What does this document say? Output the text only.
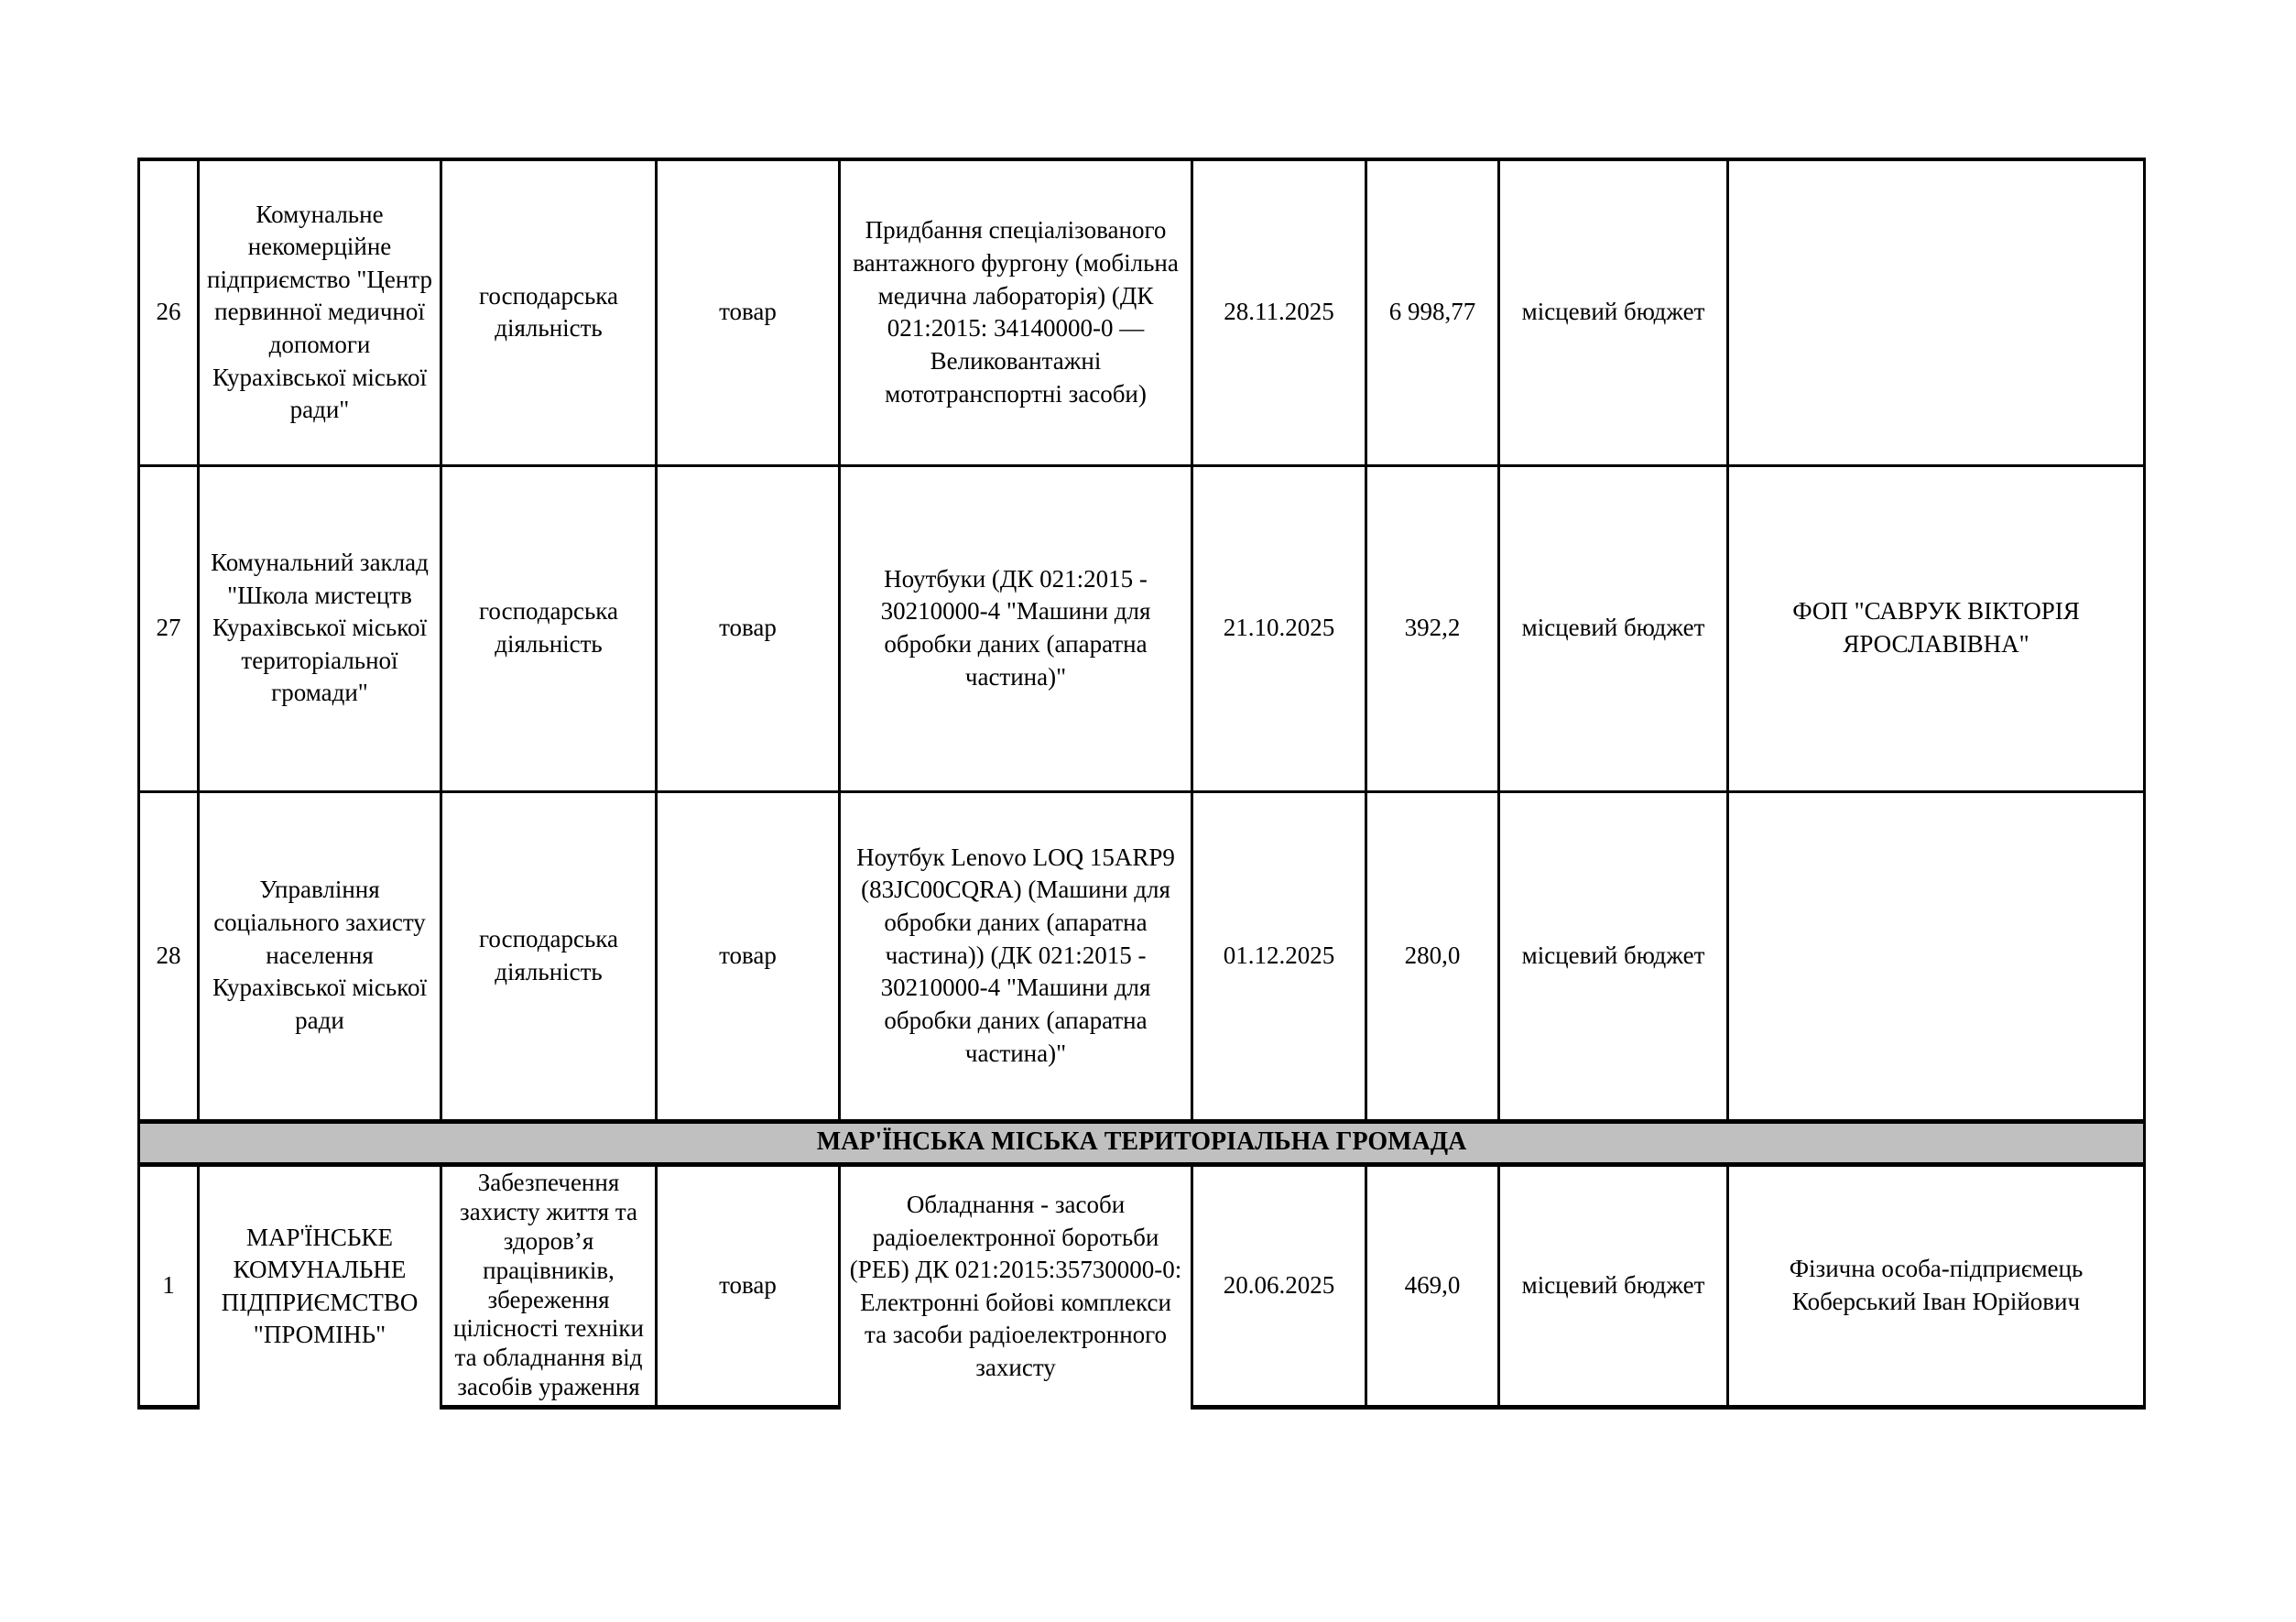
26	Комунальне некомерційне підприємство "Центр первинної медичної допомоги Курахівської міської ради"	господарська діяльність	товар	Придбання спеціалізованого вантажного фургону (мобільна медична лабораторія) (ДК 021:2015: 34140000-0 — Великовантажні мототранспортні засоби)	28.11.2025	6 998,77	місцевий бюджет	
27	Комунальний заклад "Школа мистецтв Курахівської міської територіальної громади"	господарська діяльність	товар	Ноутбуки (ДК 021:2015 - 30210000-4 "Машини для обробки даних (апаратна частина)"	21.10.2025	392,2	місцевий бюджет	ФОП "САВРУК ВІКТОРІЯ ЯРОСЛАВІВНА"
28	Управління соціального захисту населення Курахівської міської ради	господарська діяльність	товар	Ноутбук Lenovo LOQ 15ARP9 (83JC00CQRA) (Машини для обробки даних (апаратна частина)) (ДК 021:2015 - 30210000-4 "Машини для обробки даних (апаратна частина)"	01.12.2025	280,0	місцевий бюджет	
МАР'ЇНСЬКА МІСЬКА ТЕРИТОРІАЛЬНА ГРОМАДА								
1	МАР'ЇНСЬКЕ КОМУНАЛЬНЕ ПІДПРИЄМСТВО "ПРОМІНЬ"	Забезпечення захисту життя та здоров’я працівників, збереження цілісності техніки та обладнання від засобів ураження	товар	Обладнання - засоби радіоелектронної боротьби (РЕБ) ДК 021:2015:35730000-0: Електронні бойові комплекси та засоби радіоелектронного захисту	20.06.2025	469,0	місцевий бюджет	Фізична особа-підприємець Коберський Іван Юрійович
